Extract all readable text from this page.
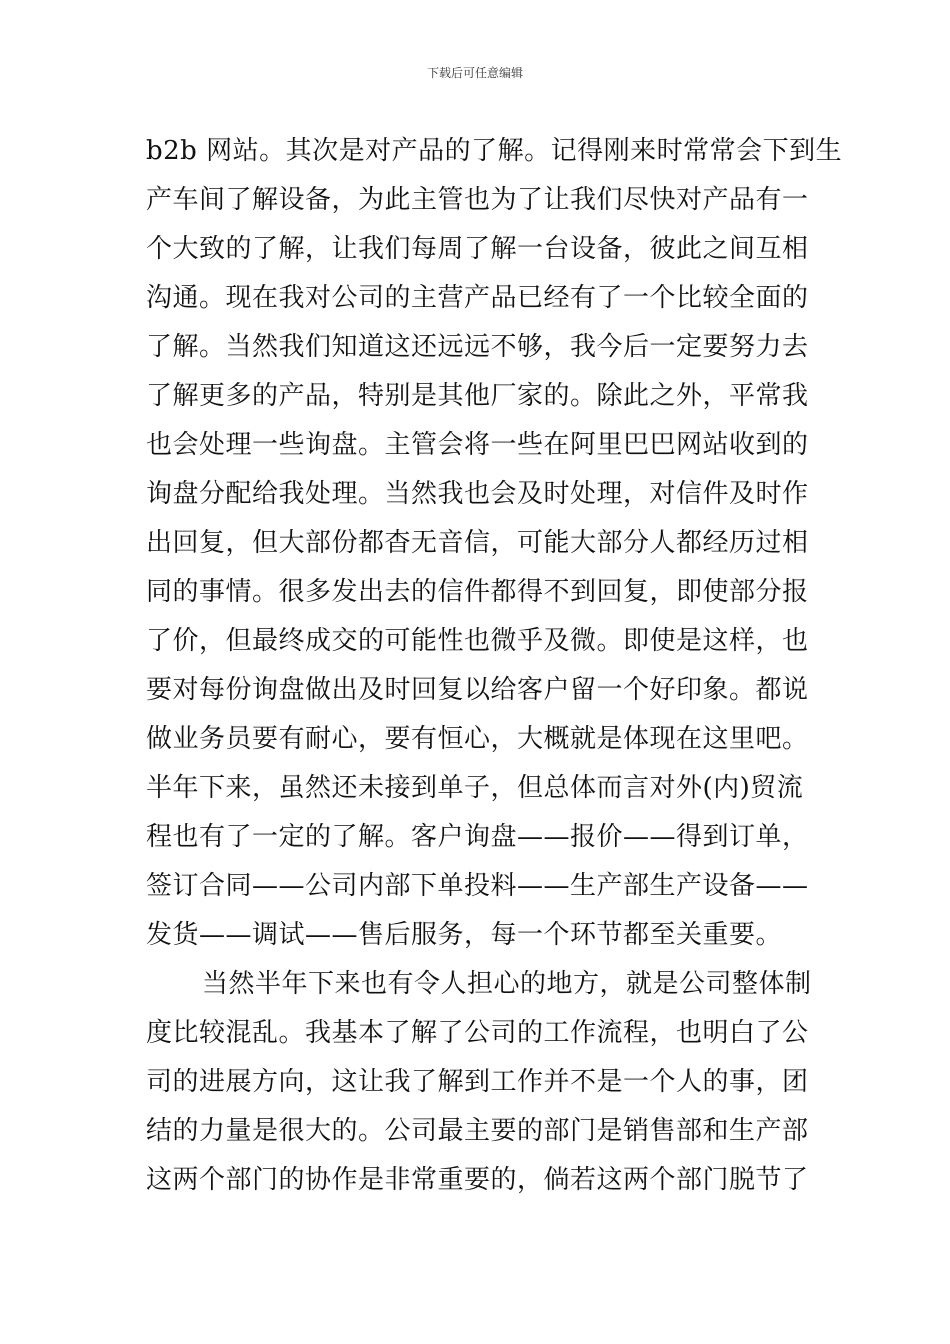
下载后可任意编辑
b2b 网站。其次是对产品的了解。记得刚来时常常会下到生
产车间了解设备，为此主管也为了让我们尽快对产品有一
个大致的了解，让我们每周了解一台设备，彼此之间互相
沟通。现在我对公司的主营产品已经有了一个比较全面的
了解。当然我们知道这还远远不够，我今后一定要努力去
了解更多的产品，特别是其他厂家的。除此之外，平常我
也会处理一些询盘。主管会将一些在阿里巴巴网站收到的
询盘分配给我处理。当然我也会及时处理，对信件及时作
出回复，但大部份都杳无音信，可能大部分人都经历过相
同的事情。很多发出去的信件都得不到回复，即使部分报
了价，但最终成交的可能性也微乎及微。即使是这样，也
要对每份询盘做出及时回复以给客户留一个好印象。都说
做业务员要有耐心，要有恒心，大概就是体现在这里吧。
半年下来，虽然还未接到单子，但总体而言对外(内)贸流
程也有了一定的了解。客户询盘——报价——得到订单，
签订合同——公司内部下单投料——生产部生产设备——
发货——调试——售后服务，每一个环节都至关重要。
当然半年下来也有令人担心的地方，就是公司整体制
度比较混乱。我基本了解了公司的工作流程，也明白了公
司的进展方向，这让我了解到工作并不是一个人的事，团
结的力量是很大的。公司最主要的部门是销售部和生产部
这两个部门的协作是非常重要的，倘若这两个部门脱节了
